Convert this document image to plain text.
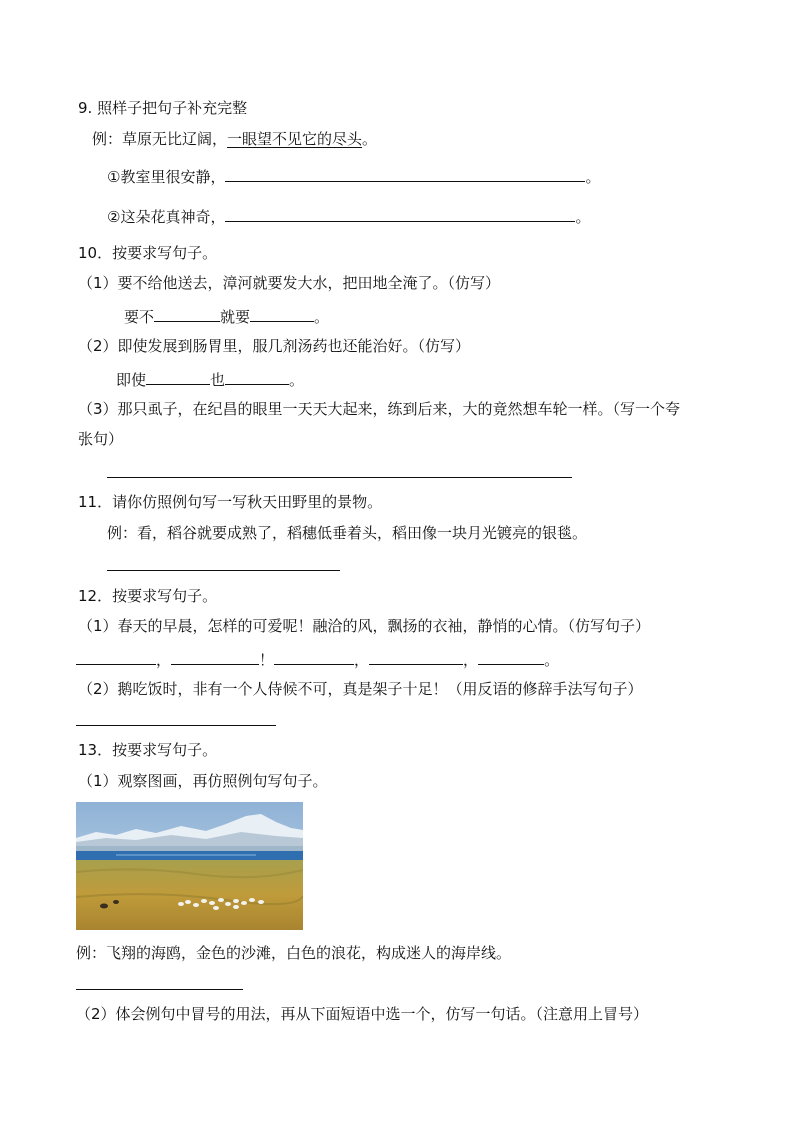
9. 照样子把句子补充完整
例：草原无比辽阔，一眼望不见它的尽头。
①教室里很安静，	。
②这朵花真神奇，	。
10．按要求写句子。
（1）要不给他送去，漳河就要发大水，把田地全淹了。（仿写）
要不	就要	。
（2）即使发展到肠胃里，服几剂汤药也还能治好。（仿写）
即使	也	。
（3）那只虱子，在纪昌的眼里一天天大起来，练到后来，大的竟然想车轮一样。（写一个夸
张句）
11．请你仿照例句写一写秋天田野里的景物。
例：看，稻谷就要成熟了，稻穗低垂着头，稻田像一块月光镀亮的银毯。
12．按要求写句子。
（1）春天的早晨，怎样的可爱呢！融洽的风，飘扬的衣袖，静悄的心情。（仿写句子）
，	！	，	，	。
（2）鹅吃饭时，非有一个人侍候不可，真是架子十足！（用反语的修辞手法写句子）
13．按要求写句子。
（1）观察图画，再仿照例句写句子。
例：飞翔的海鸥，金色的沙滩，白色的浪花，构成迷人的海岸线。
（2）体会例句中冒号的用法，再从下面短语中选一个，仿写一句话。（注意用上冒号）
